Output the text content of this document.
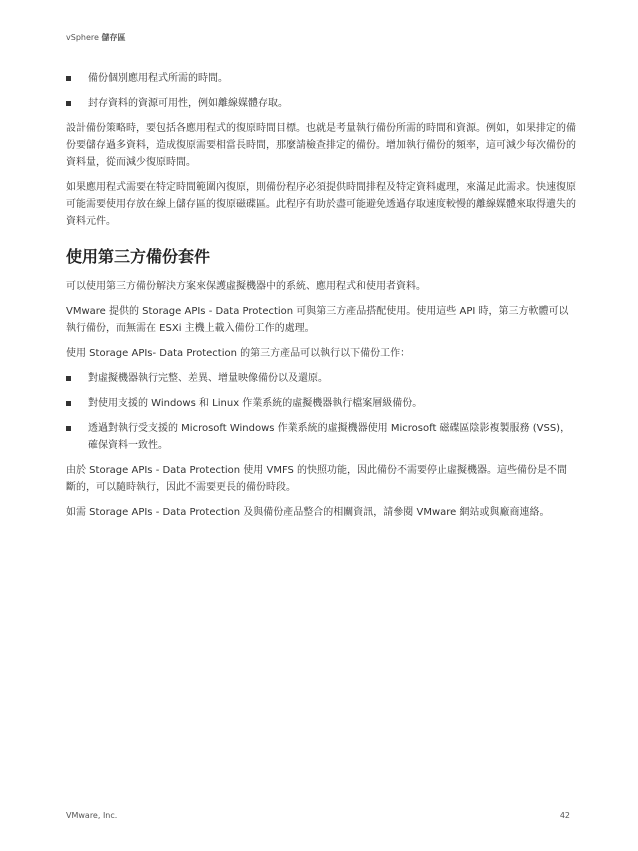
vSphere 儲存區
備份個別應用程式所需的時間。
封存資料的資源可用性，例如離線媒體存取。

設計備份策略時，要包括各應用程式的復原時間目標。也就是考量執行備份所需的時間和資源。例如，如果排定的備份要儲存過多資料，造成復原需要相當長時間，那麼請檢查排定的備份。增加執行備份的頻率，這可減少每次備份的資料量，從而減少復原時間。

如果應用程式需要在特定時間範圍內復原，則備份程序必須提供時間排程及特定資料處理，來滿足此需求。快速復原可能需要使用存放在線上儲存區的復原磁碟區。此程序有助於盡可能避免透過存取速度較慢的離線媒體來取得遺失的資料元件。

使用第三方備份套件

可以使用第三方備份解決方案來保護虛擬機器中的系統、應用程式和使用者資料。

VMware 提供的 Storage APIs - Data Protection 可與第三方產品搭配使用。使用這些 API 時，第三方軟體可以執行備份，而無需在 ESXi 主機上載入備份工作的處理。

使用 Storage APIs- Data Protection 的第三方產品可以執行以下備份工作：

對虛擬機器執行完整、差異、增量映像備份以及還原。
對使用支援的 Windows 和 Linux 作業系統的虛擬機器執行檔案層級備份。
透過對執行受支援的 Microsoft Windows 作業系統的虛擬機器使用 Microsoft 磁碟區陰影複製服務 (VSS)，確保資料一致性。

由於 Storage APIs - Data Protection 使用 VMFS 的快照功能，因此備份不需要停止虛擬機器。這些備份是不間斷的，可以隨時執行，因此不需要更長的備份時段。

如需 Storage APIs - Data Protection 及與備份產品整合的相關資訊，請參閱 VMware 網站或與廠商連絡。

VMware, Inc.	42
